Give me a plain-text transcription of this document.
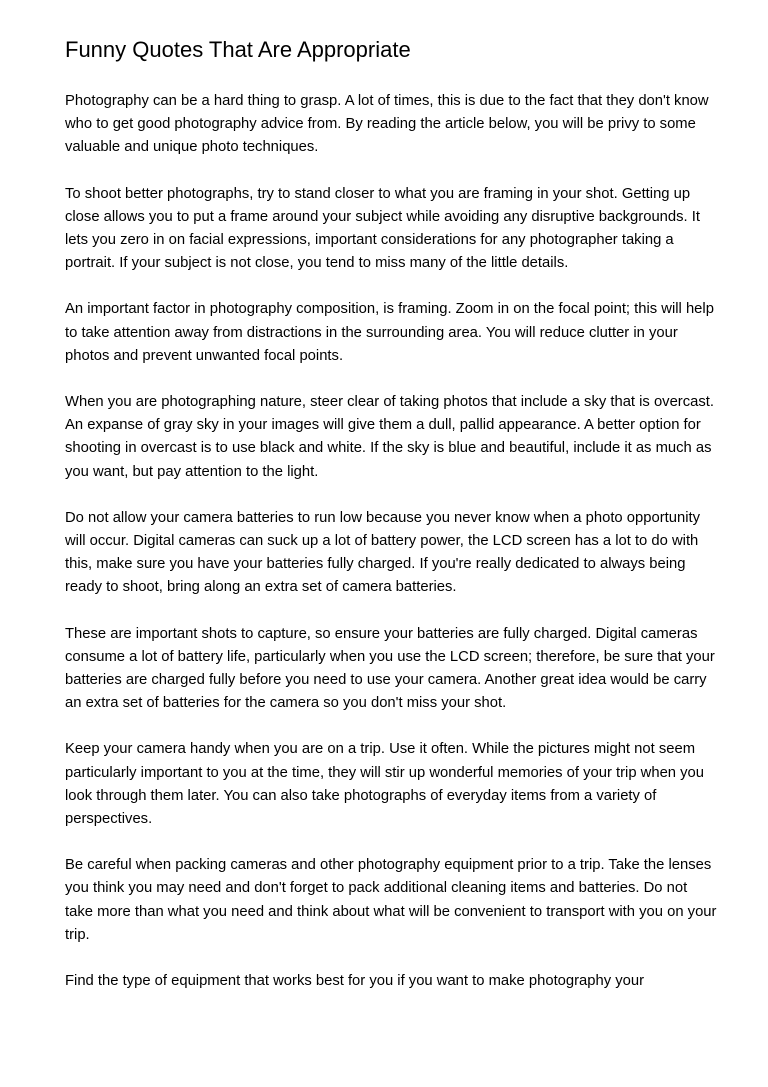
Funny Quotes That Are Appropriate

Photography can be a hard thing to grasp. A lot of times, this is due to the fact that they don't know who to get good photography advice from. By reading the article below, you will be privy to some valuable and unique photo techniques.

To shoot better photographs, try to stand closer to what you are framing in your shot. Getting up close allows you to put a frame around your subject while avoiding any disruptive backgrounds. It lets you zero in on facial expressions, important considerations for any photographer taking a portrait. If your subject is not close, you tend to miss many of the little details.

An important factor in photography composition, is framing. Zoom in on the focal point; this will help to take attention away from distractions in the surrounding area. You will reduce clutter in your photos and prevent unwanted focal points.

When you are photographing nature, steer clear of taking photos that include a sky that is overcast. An expanse of gray sky in your images will give them a dull, pallid appearance. A better option for shooting in overcast is to use black and white. If the sky is blue and beautiful, include it as much as you want, but pay attention to the light.

Do not allow your camera batteries to run low because you never know when a photo opportunity will occur. Digital cameras can suck up a lot of battery power, the LCD screen has a lot to do with this, make sure you have your batteries fully charged. If you're really dedicated to always being ready to shoot, bring along an extra set of camera batteries.

These are important shots to capture, so ensure your batteries are fully charged. Digital cameras consume a lot of battery life, particularly when you use the LCD screen; therefore, be sure that your batteries are charged fully before you need to use your camera. Another great idea would be carry an extra set of batteries for the camera so you don't miss your shot.

Keep your camera handy when you are on a trip. Use it often. While the pictures might not seem particularly important to you at the time, they will stir up wonderful memories of your trip when you look through them later. You can also take photographs of everyday items from a variety of perspectives.

Be careful when packing cameras and other photography equipment prior to a trip. Take the lenses you think you may need and don't forget to pack additional cleaning items and batteries. Do not take more than what you need and think about what will be convenient to transport with you on your trip.

Find the type of equipment that works best for you if you want to make photography your
